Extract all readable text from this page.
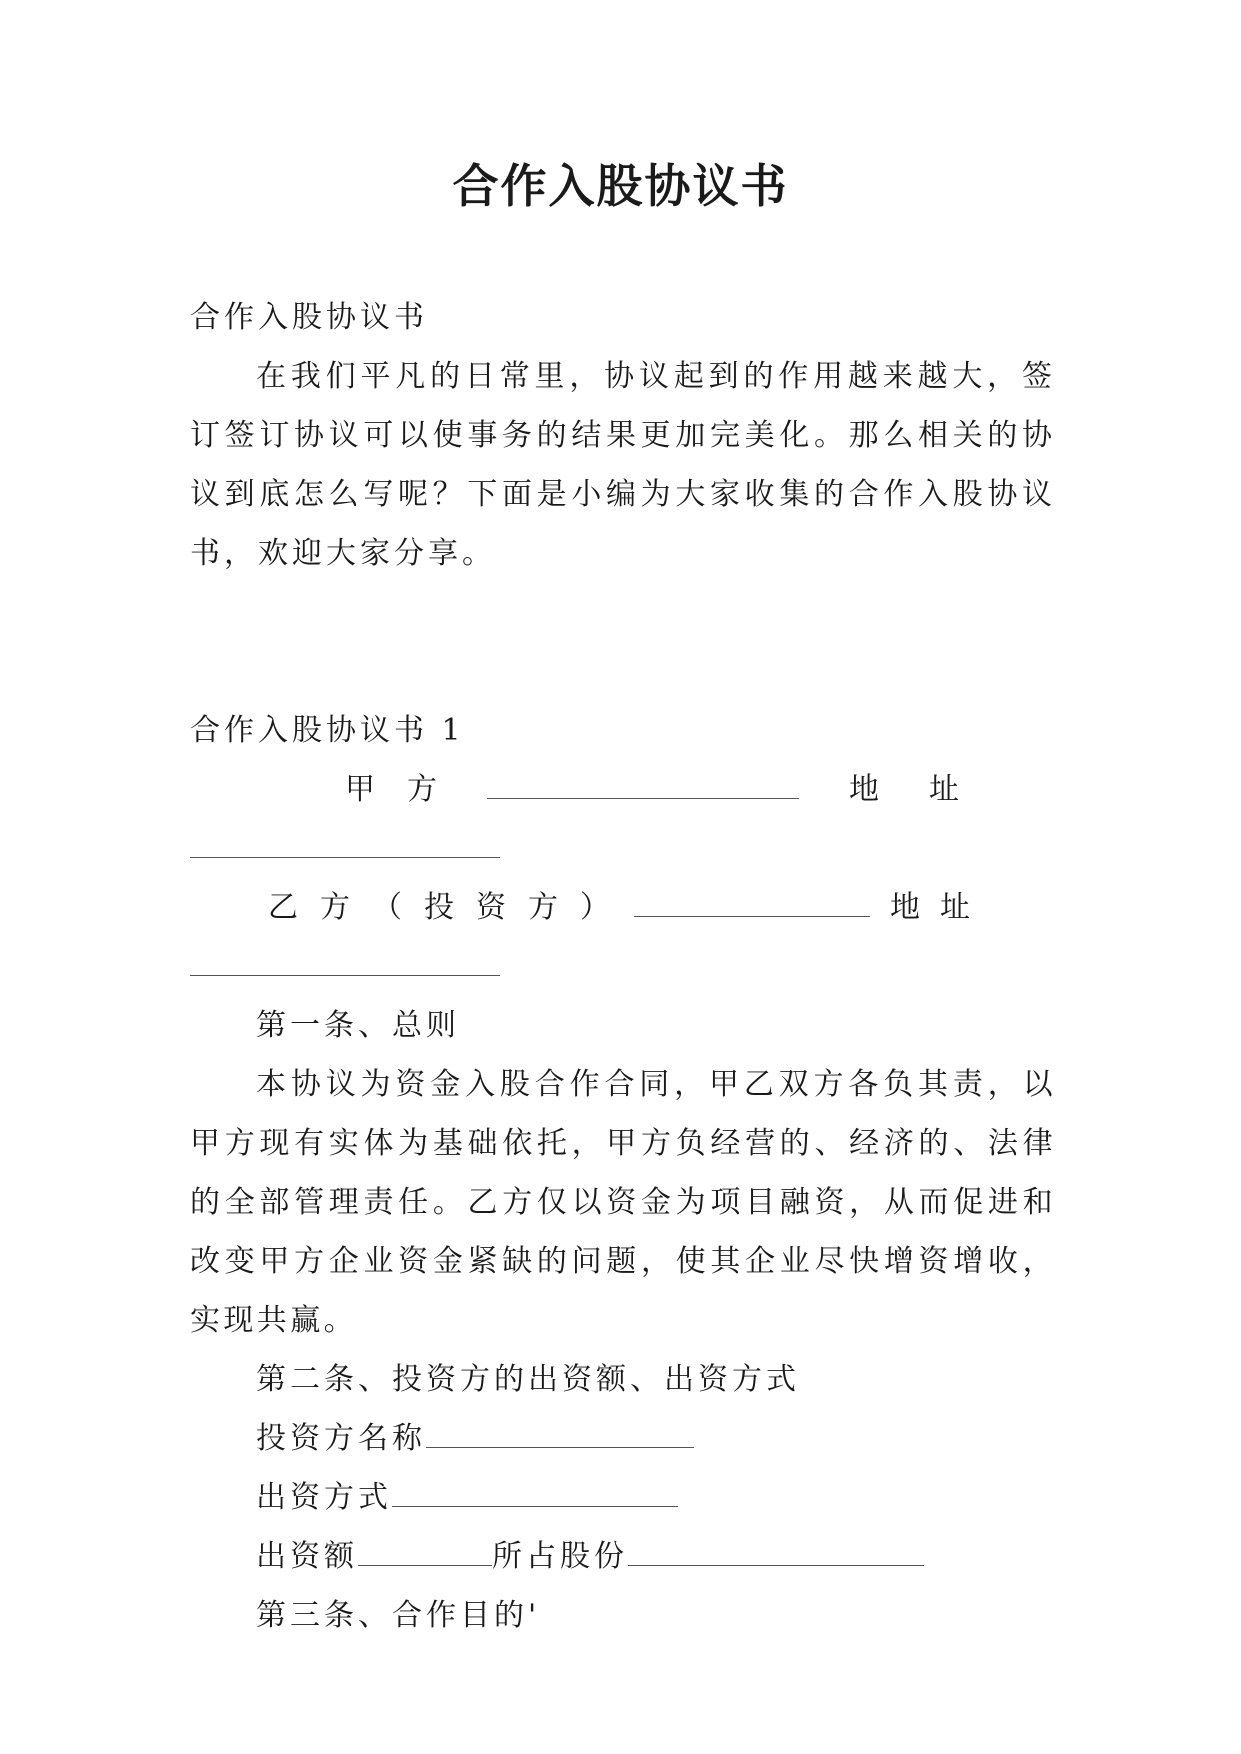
合作入股协议书

合作入股协议书

在我们平凡的日常里，协议起到的作用越来越大，签订签订协议可以使事务的结果更加完美化。那么相关的协议到底怎么写呢？下面是小编为大家收集的合作入股协议书，欢迎大家分享。

合作入股协议书 1

甲方	地址
乙方（投资方）	地址

第一条、总则

本协议为资金入股合作合同，甲乙双方各负其责，以甲方现有实体为基础依托，甲方负经营的、经济的、法律的全部管理责任。乙方仅以资金为项目融资，从而促进和改变甲方企业资金紧缺的问题，使其企业尽快增资增收，实现共赢。

第二条、投资方的出资额、出资方式

投资方名称

出资方式

出资额	所占股份

第三条、合作目的'
